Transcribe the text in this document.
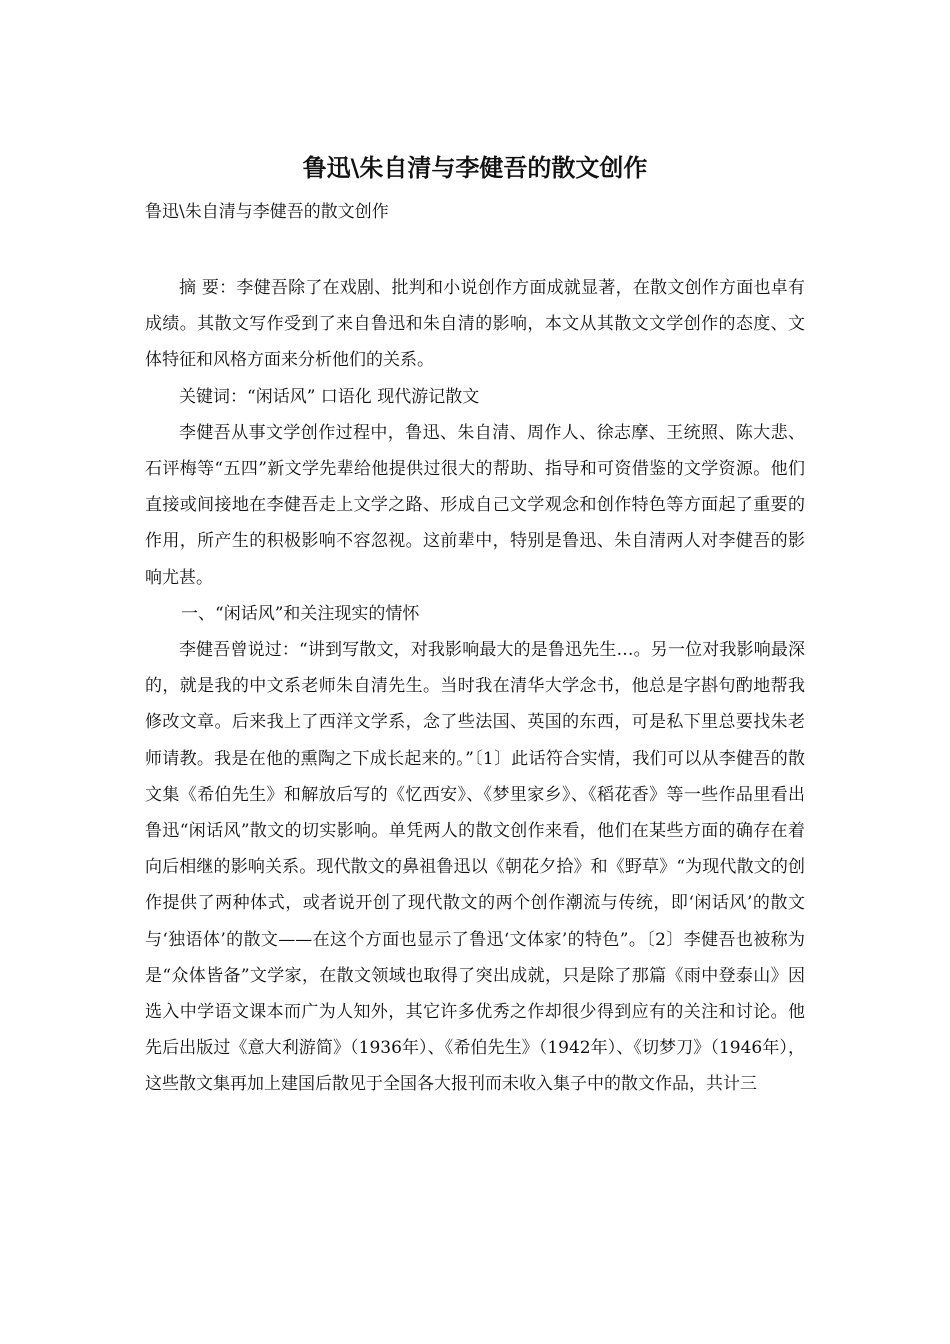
鲁迅\朱自清与李健吾的散文创作

鲁迅\朱自清与李健吾的散文创作

摘 要：李健吾除了在戏剧、批判和小说创作方面成就显著，在散文创作方面也卓有成绩。其散文写作受到了来自鲁迅和朱自清的影响，本文从其散文文学创作的态度、文体特征和风格方面来分析他们的关系。

关键词：“闲话风” 口语化 现代游记散文

李健吾从事文学创作过程中，鲁迅、朱自清、周作人、徐志摩、王统照、陈大悲、石评梅等“五四”新文学先辈给他提供过很大的帮助、指导和可资借鉴的文学资源。他们直接或间接地在李健吾走上文学之路、形成自己文学观念和创作特色等方面起了重要的作用，所产生的积极影响不容忽视。这前辈中，特别是鲁迅、朱自清两人对李健吾的影响尤甚。

一、“闲话风”和关注现实的情怀

李健吾曾说过：“讲到写散文，对我影响最大的是鲁迅先生…。另一位对我影响最深的，就是我的中文系老师朱自清先生。当时我在清华大学念书，他总是字斟句酌地帮我修改文章。后来我上了西洋文学系，念了些法国、英国的东西，可是私下里总要找朱老师请教。我是在他的熏陶之下成长起来的。”〔1〕此话符合实情，我们可以从李健吾的散文集《希伯先生》和解放后写的《忆西安》、《梦里家乡》、《稻花香》等一些作品里看出鲁迅“闲话风”散文的切实影响。单凭两人的散文创作来看，他们在某些方面的确存在着向后相继的影响关系。现代散文的鼻祖鲁迅以《朝花夕拾》和《野草》“为现代散文的创作提供了两种体式，或者说开创了现代散文的两个创作潮流与传统，即‘闲话风’的散文与‘独语体’的散文——在这个方面也显示了鲁迅‘文体家’的特色”。〔2〕李健吾也被称为是“众体皆备”文学家，在散文领域也取得了突出成就，只是除了那篇《雨中登泰山》因选入中学语文课本而广为人知外，其它许多优秀之作却很少得到应有的关注和讨论。他先后出版过《意大利游简》（1936年）、《希伯先生》（1942年）、《切梦刀》（1946年），这些散文集再加上建国后散见于全国各大报刊而未收入集子中的散文作品，共计三
